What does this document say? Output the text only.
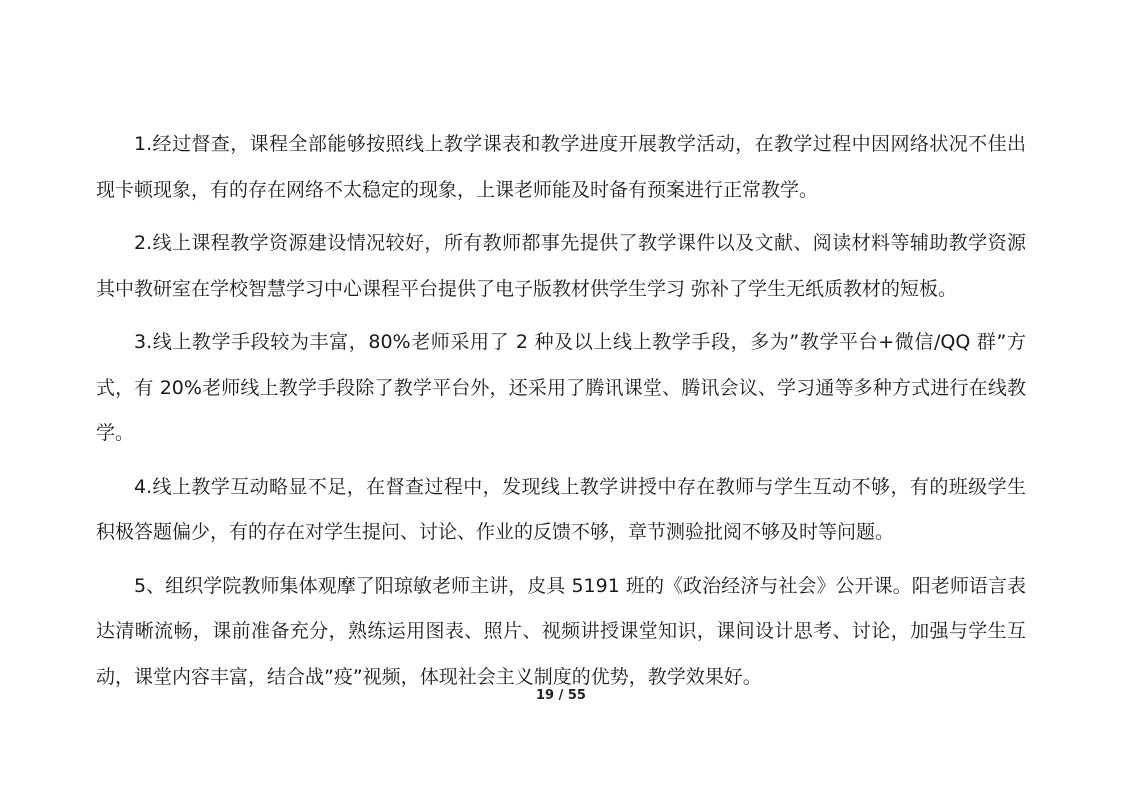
1.经过督查，课程全部能够按照线上教学课表和教学进度开展教学活动，在教学过程中因网络状况不佳出现卡顿现象，有的存在网络不太稳定的现象，上课老师能及时备有预案进行正常教学。

2.线上课程教学资源建设情况较好，所有教师都事先提供了教学课件以及文献、阅读材料等辅助教学资源 其中教研室在学校智慧学习中心课程平台提供了电子版教材供学生学习 弥补了学生无纸质教材的短板。

3.线上教学手段较为丰富，80%老师采用了 2 种及以上线上教学手段，多为”教学平台+微信/QQ 群”方式，有 20%老师线上教学手段除了教学平台外，还采用了腾讯课堂、腾讯会议、学习通等多种方式进行在线教学。

4.线上教学互动略显不足，在督查过程中，发现线上教学讲授中存在教师与学生互动不够，有的班级学生积极答题偏少，有的存在对学生提问、讨论、作业的反馈不够，章节测验批阅不够及时等问题。

5、组织学院教师集体观摩了阳琼敏老师主讲，皮具 5191 班的《政治经济与社会》公开课。阳老师语言表达清晰流畅，课前准备充分，熟练运用图表、照片、视频讲授课堂知识，课间设计思考、讨论，加强与学生互动，课堂内容丰富，结合战”疫”视频，体现社会主义制度的优势，教学效果好。

19 / 55
